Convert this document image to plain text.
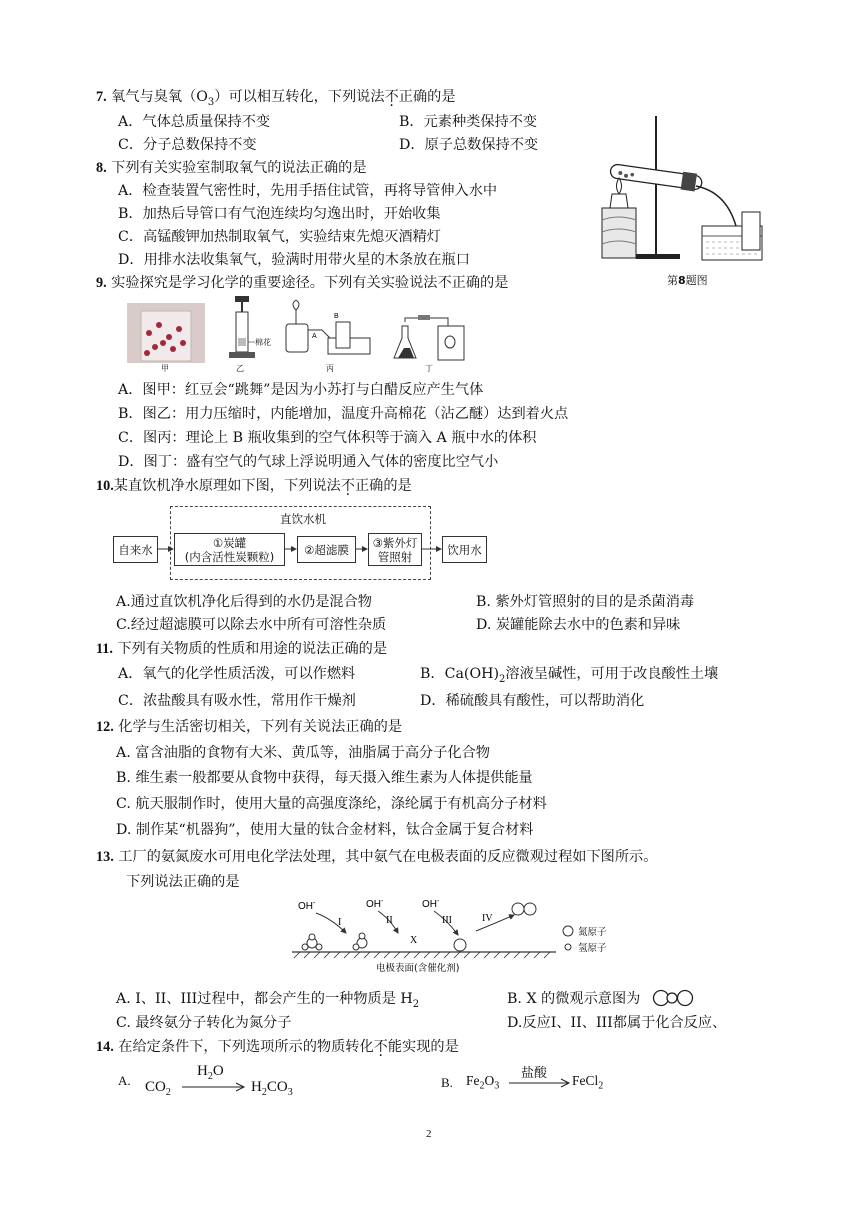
7. 氧气与臭氧$(O_3)$可以相互转化，下列说法不正确的是
A．气体总质量保持不变	B．元素种类保持不变
C．分子总数保持不变	D．原子总数保持不变
8. 下列有关实验室制取氧气的说法正确的是
A．检查装置气密性时，先用手捂住试管，再将导管伸入水中
B．加热后导管口有气泡连续均匀逸出时，开始收集
C．高锰酸钾加热制取氧气，实验结束先熄灭酒精灯
D．用排水法收集氧气，验满时用带火星的木条放在瓶口
第8题图
9. 实验探究是学习化学的重要途径。下列有关实验说法不正确的是
甲
棉花
乙
B
A
丙	丁
A．图甲：红豆会“跳舞”是因为小苏打与白醋反应产生气体
B．图乙：用力压缩时，内能增加，温度升高棉花（沾乙醚）达到着火点
C．图丙：理论上 B 瓶收集到的空气体积等于滴入 A 瓶中水的体积
D．图丁：盛有空气的气球上浮说明通入气体的密度比空气小
10.某直饮机净水原理如下图，下列说法不正确的是
直饮水机
自来水	①炭罐
(内含活性炭颗粒)	②超滤膜	③紫外灯
管照射	饮用水
A.通过直饮机净化后得到的水仍是混合物	B. 紫外灯管照射的目的是杀菌消毒
C.经过超滤膜可以除去水中所有可溶性杂质	D. 炭罐能除去水中的色素和异味
11. 下列有关物质的性质和用途的说法正确的是
A．氧气的化学性质活泼，可以作燃料	B．$Ca(OH)_2$溶液呈碱性，可用于改良酸性土壤
C．浓盐酸具有吸水性，常用作干燥剂	D．稀硫酸具有酸性，可以帮助消化
12. 化学与生活密切相关，下列有关说法正确的是
A. 富含油脂的食物有大米、黄瓜等，油脂属于高分子化合物
B. 维生素一般都要从食物中获得，每天摄入维生素为人体提供能量
C. 航天服制作时，使用大量的高强度涤纶，涤纶属于有机高分子材料
D. 制作某“机器狗”，使用大量的钛合金材料，钛合金属于复合材料
13. 工厂的氨氮废水可用电化学法处理，其中氨气在电极表面的反应微观过程如下图所示。
下列说法正确的是
OH-	OH-	OH-
I	II	III	IV
X
电极表面(含催化剂)
氮原子
氢原子
A. I、II、III过程中，都会产生的一种物质是 $H_2$	B. X 的微观示意图为
C. 最终氨分子转化为氮分子	D.反应I、II、III都属于化合反应、
14. 在给定条件下，下列选项所示的物质转化不能实现的是
A. $CO_2$
$H_2O$
$H_2CO_3$
B. $Fe_2O_3$
盐酸 FeCl$_2$
2
